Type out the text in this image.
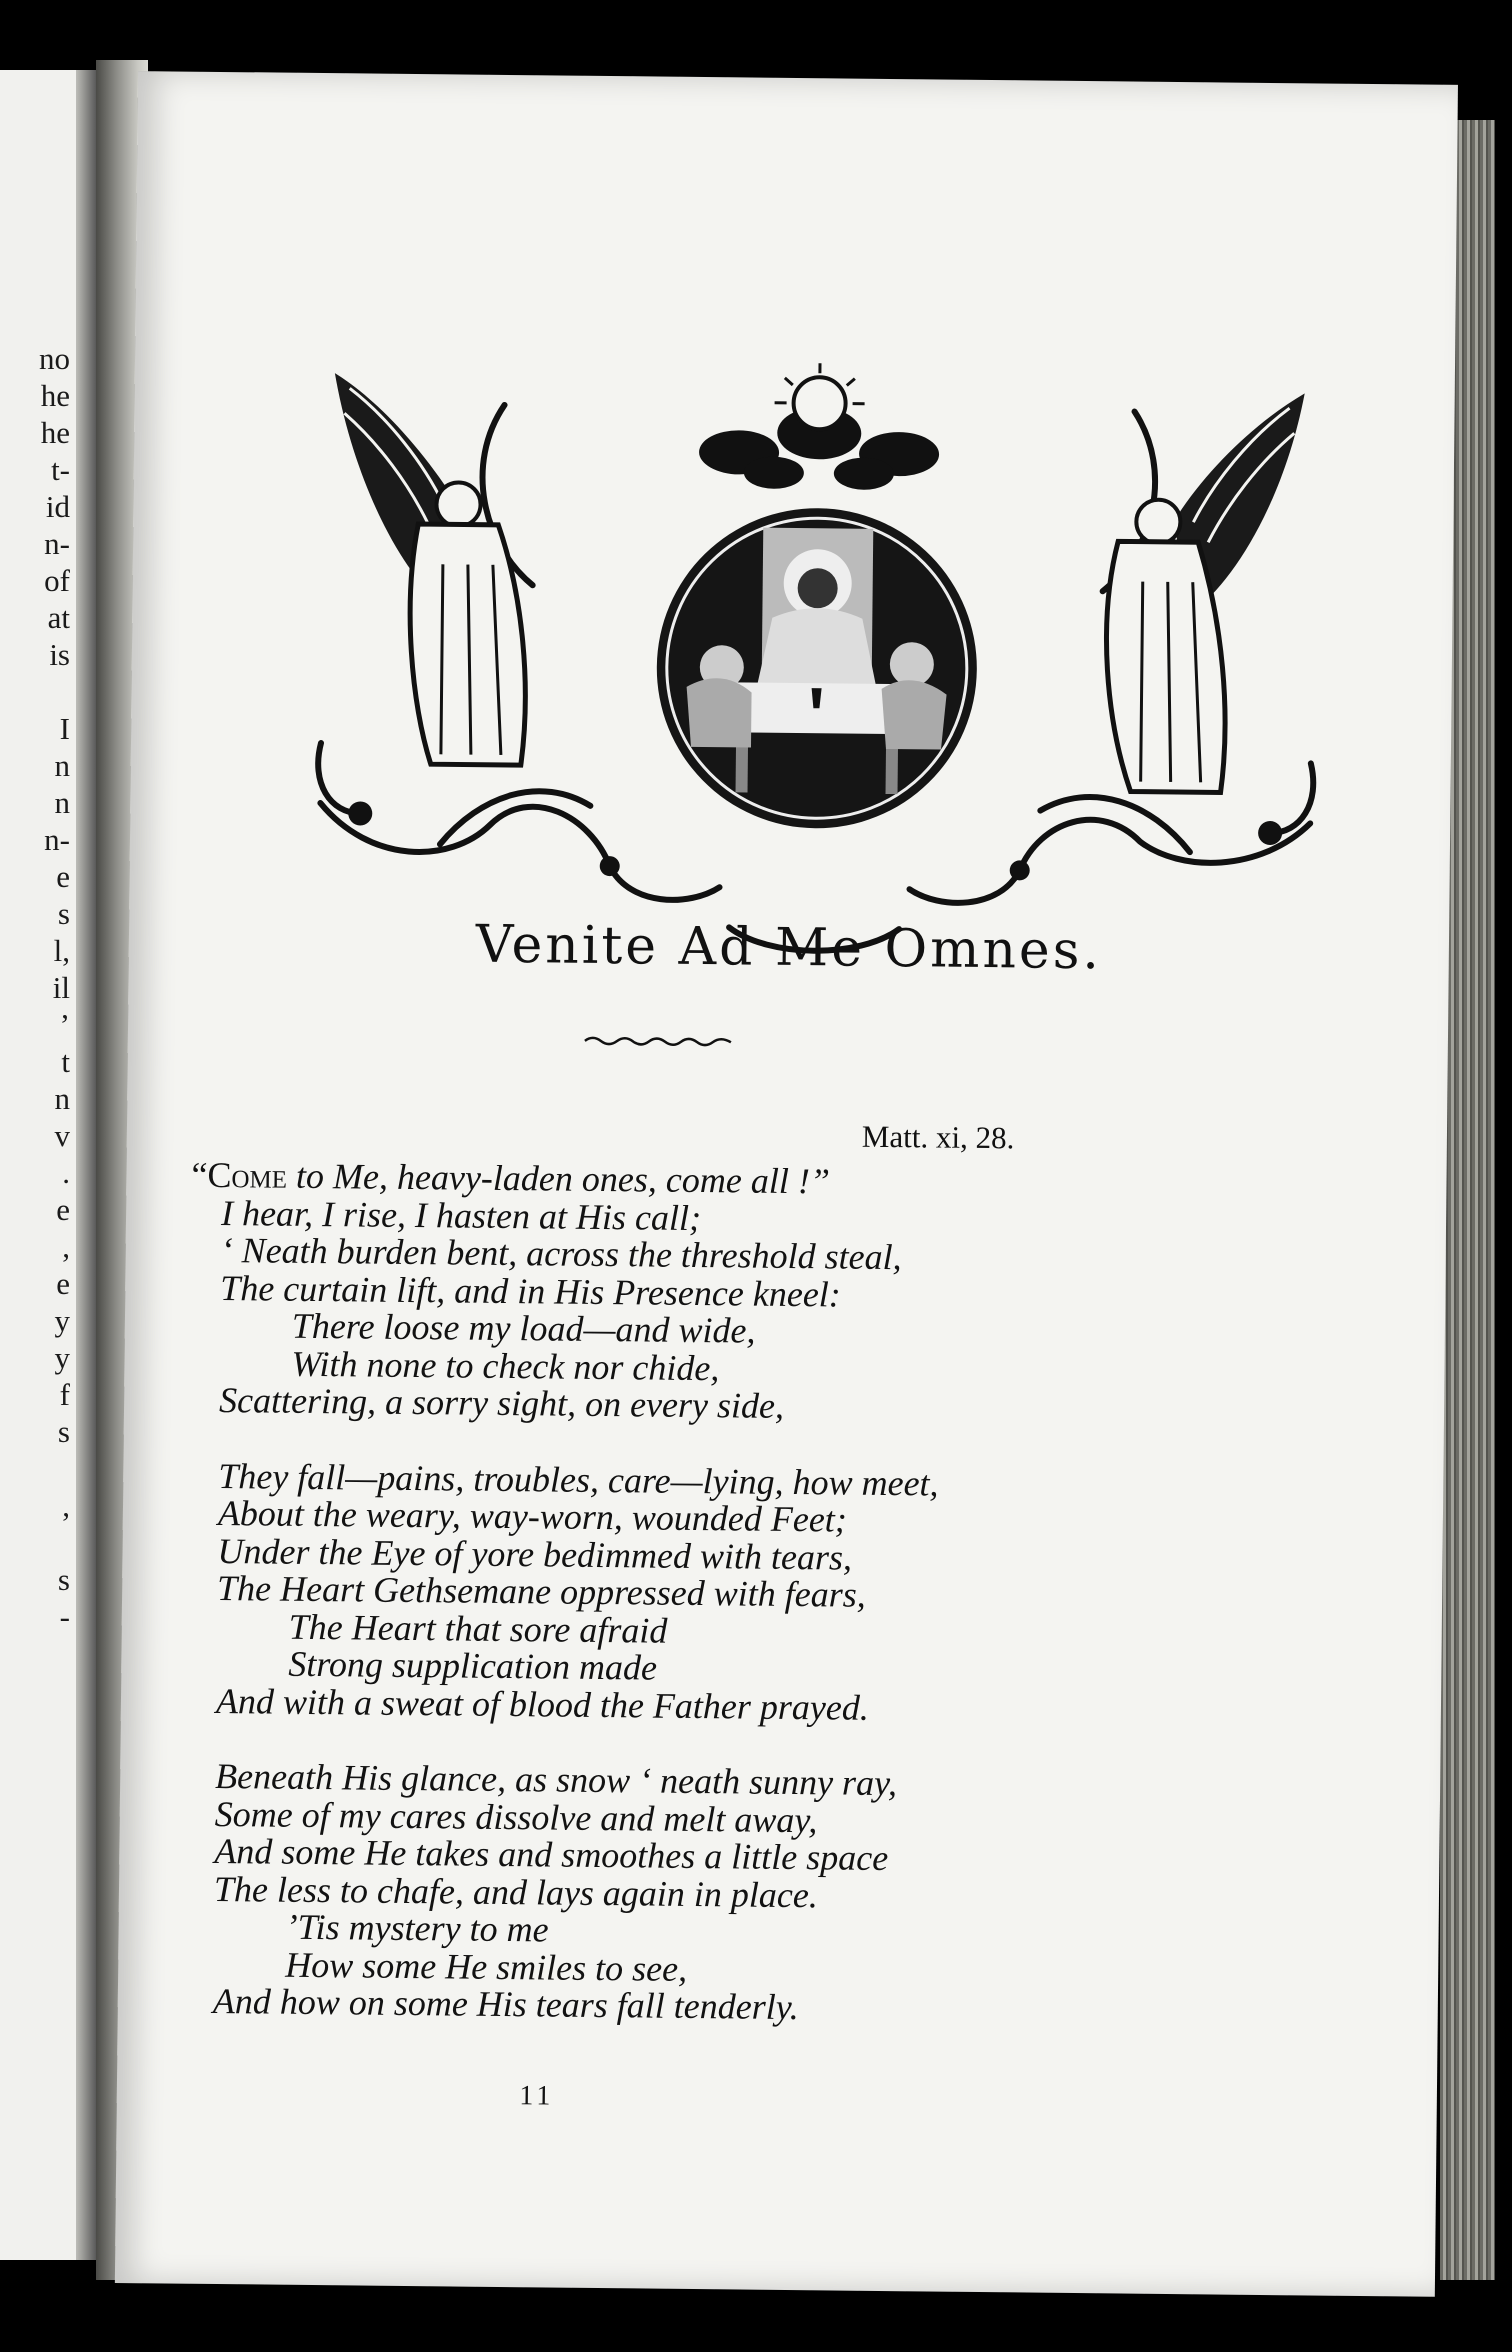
no
he
he
t-
id
n-
of
at
is
I
n
n
n-
e
s
l,
il
’
t
n
v
.
e
,
e
y
y
f
s
,
s
-
Venite Ad Me Omnes.
Matt. xi, 28.
“Come to Me, heavy-laden ones, come all !”
I hear, I rise, I hasten at His call;
‘ Neath burden bent, across the threshold steal,
The curtain lift, and in His Presence kneel:
There loose my load—and wide,
With none to check nor chide,
Scattering, a sorry sight, on every side,
They fall—pains, troubles, care—lying, how meet,
About the weary, way-worn, wounded Feet;
Under the Eye of yore bedimmed with tears,
The Heart Gethsemane oppressed with fears,
The Heart that sore afraid
Strong supplication made
And with a sweat of blood the Father prayed.
Beneath His glance, as snow ‘ neath sunny ray,
Some of my cares dissolve and melt away,
And some He takes and smoothes a little space
The less to chafe, and lays again in place.
’Tis mystery to me
How some He smiles to see,
And how on some His tears fall tenderly.
11
